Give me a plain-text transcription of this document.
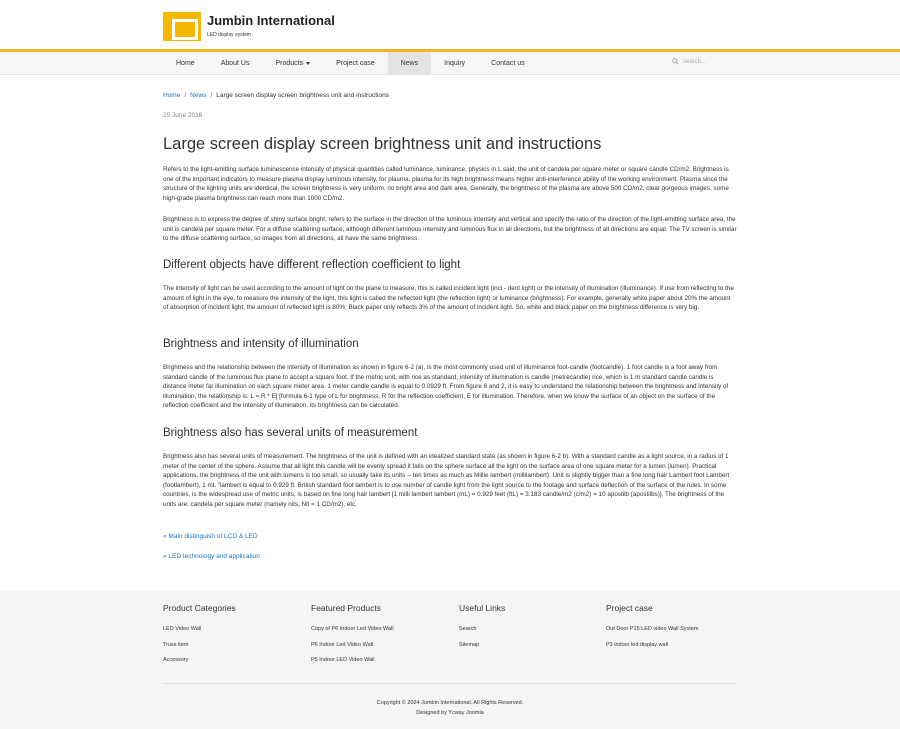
Jumbin International
LED display system
Home	About Us	Products	Project case	News	Inquiry	Contact us	search...
Home / News / Large screen display screen brightness unit and instructions
25 June 2016
Large screen display screen brightness unit and instructions

Refers to the light-emitting surface luminescence intensity of physical quantities called luminance, luminance, physics in L said, the unit of candela per square meter or square candle CD/m2. Brightness is one of the important indicators to measure plasma display luminous intensity, for plasma, plasma for its high brightness means higher anti-interference ability of the working environment. Plasma since the structure of the lighting units are identical, the screen brightness is very uniform, no bright area and dark area. Generally, the brightness of the plasma are above 500 CD/m2, clear gorgeous images, some high-grade plasma brightness can reach more than 1000 CD/m2.

Brightness is to express the degree of shiny surface bright, refers to the surface in the direction of the luminous intensity and vertical and specify the ratio of the direction of the light-emitting surface area, the unit is candela per square meter. For a diffuse scattering surface, although different luminous intensity and luminous flux in all directions, but the brightness of all directions are equal. The TV screen is similar to the diffuse scattering surface, so images from all directions, all have the same brightness.

Different objects have different reflection coefficient to light

The intensity of light can be used according to the amount of light on the plane to measure, this is called incident light (inci - dent light) or the intensity of illumination (illuminance). If use from reflecting to the amount of light in the eye, to measure the intensity of the light, this light is called the reflected light (the reflection light) or luminance (brightness). For example, generally white paper about 20% the amount of absorption of incident light, the amount of reflected light is 80%; Black paper only reflects 3% of the amount of incident light. So, white and black paper on the brightness difference is very big.

Brightness and intensity of illumination

Brightness and the relationship between the intensity of illumination as shown in figure 6-2 (a), is the most commonly used unit of illuminance foot-candle (footcandle). 1 foot candle is a foot away from standard candle of the luminous flux plane to accept a square foot. If the metric unit, with rice as standard, intensity of illumination is candle (metrecandle) rice, which is 1 m standard candle candle is distance meter far illumination on each square meter area. 1 meter candle candle is equal to 0.0929 ft. From figure 6 and 2, it is easy to understand the relationship between the brightness and intensity of illumination, the relationship is: L = R * E] [formula 6-1 type of L for brightness, R for the reflection coefficient, E for illumination. Therefore, when we know the surface of an object on the surface of the reflection coefficient and the intensity of illumination, its brightness can be calculated.

Brightness also has several units of measurement

Brightness also has several units of measurement. The brightness of the unit is defined with an idealized standard state (as shown in figure 6-2 b). With a standard candle as a light source, in a radius of 1 meter of the center of the sphere. Assume that all light this candle will be evenly spread it falls on the sphere surface all the light on the surface area of one square meter for a lumen (lumen). Practical applications, the brightness of the unit with lumens is too small, so usually take its units -- ten times as much as Millie lambert (millilambert). Unit is slightly bigger than a fine long hair Lambert foot Lambert (footlambert), 1 mL "lambert is equal to 0.929 ft. British standard foot lambert is to use number of candle light from the light source to the footage and surface deflection of the surface of the rules. In some countries, is the widespread use of metric units, is based on fine long hair lambert [1 milli lambert lambert (mL) = 0.929 feet (ftL) = 3.183 candle/m2 (c/m2) = 10 apostilb (apostilbs)]. The brightness of the units are: candela per square meter (namely nits, Nit = 1 CD/m2), etc.

« Main distinguish of LCD & LED
» LED technology and application
Product Categories
LED Video Wall
Truss item
Accessory
Featured Products
Copy of P6 Indoor Led Video Wall
P6 Indoor Led Video Wall
P5 Indoor LED Video Wall
Useful Links
Search
Sitemap
Project case
Out Door P15 LED video Wall System
P3 indoor led display wall
Copyright © 2024 Jumbin International. All Rights Reserved.
Designed by Ycway Joomla
